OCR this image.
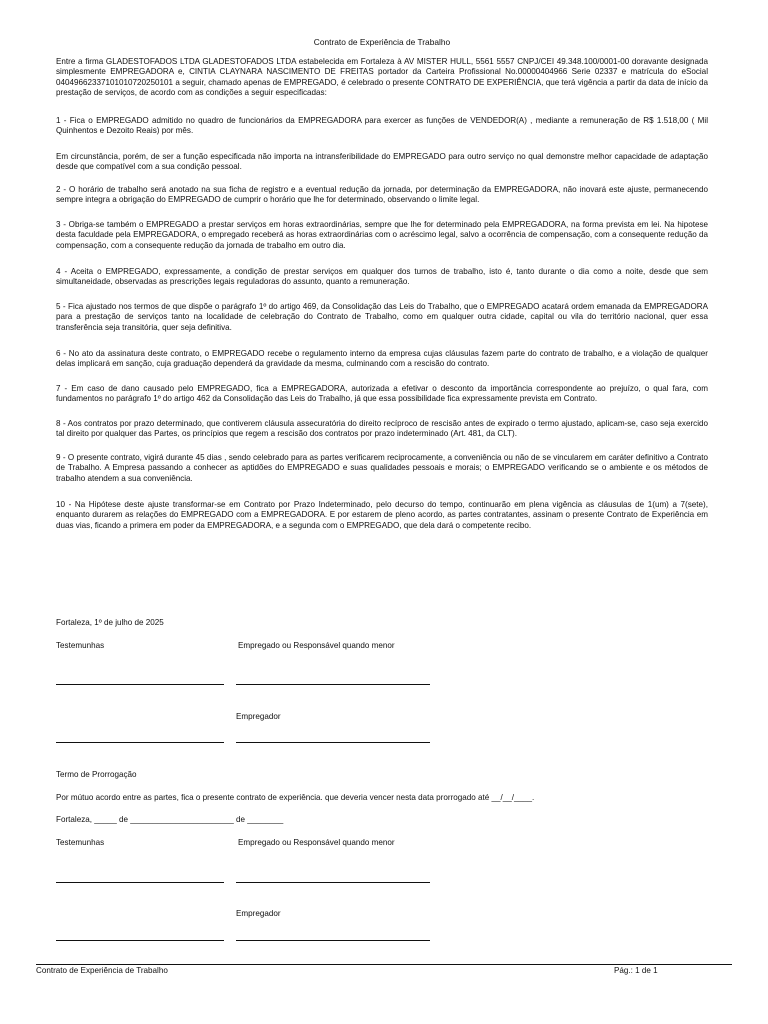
Contrato de Experiência de Trabalho

Entre a firma GLADESTOFADOS LTDA GLADESTOFADOS LTDA estabelecida em Fortaleza à AV MISTER HULL, 5561 5557 CNPJ/CEI 49.348.100/0001-00 doravante designada simplesmente EMPREGADORA e, CINTIA CLAYNARA NASCIMENTO DE FREITAS portador da Carteira Profissional No.00000404966 Serie 02337 e matrícula do eSocial 04049662337101010720250101 a seguir, chamado apenas de EMPREGADO, é celebrado o presente CONTRATO DE EXPERIÊNCIA, que terá vigência a partir da data de início da prestação de serviços, de acordo com as condições a seguir especificadas:

1 - Fica o EMPREGADO admitido no quadro de funcionários da EMPREGADORA para exercer as funções de VENDEDOR(A) , mediante a remuneração de R$ 1.518,00 ( Mil Quinhentos e Dezoito Reais) por mês.

Em circunstância, porém, de ser a função especificada não importa na intransferibilidade do EMPREGADO para outro serviço no qual demonstre melhor capacidade de adaptação desde que compatível com a sua condição pessoal.

2 - O horário de trabalho será anotado na sua ficha de registro e a eventual redução da jornada, por determinação da EMPREGADORA, não inovará este ajuste, permanecendo sempre integra a obrigação do EMPREGADO de cumprir o horário que lhe for determinado, observando o limite legal.

3 - Obriga-se também o EMPREGADO a prestar serviços em horas extraordinárias, sempre que lhe for determinado pela EMPREGADORA, na forma prevista em lei. Na hipotese desta faculdade pela EMPREGADORA, o empregado receberá as horas extraordinárias com o acréscimo legal, salvo a ocorrência de compensação, com a consequente redução da compensação, com a consequente redução da jornada de trabalho em outro dia.

4 - Aceita o EMPREGADO, expressamente, a condição de prestar serviços em qualquer dos turnos de trabalho, isto é, tanto durante o dia como a noite, desde que sem simultaneidade, observadas as prescrições legais reguladoras do assunto, quanto a remuneração.

5 - Fica ajustado nos termos de que dispõe o parágrafo 1º do artigo 469, da Consolidação das Leis do Trabalho, que o EMPREGADO acatará ordem emanada da EMPREGADORA para a prestação de serviços tanto na localidade de celebração do Contrato de Trabalho, como em qualquer outra cidade, capital ou vila do território nacional, quer essa transferência seja transitória, quer seja definitiva.

6 - No ato da assinatura deste contrato, o EMPREGADO recebe o regulamento interno da empresa cujas cláusulas fazem parte do contrato de trabalho, e a violação de qualquer delas implicará em sanção, cuja graduação dependerá da gravidade da mesma, culminando com a rescisão do contrato.

7 - Em caso de dano causado pelo EMPREGADO, fica a EMPREGADORA, autorizada a efetivar o desconto da importância correspondente ao prejuízo, o qual fara, com fundamentos no parágrafo 1º do artigo 462 da Consolidação das Leis do Trabalho, já que essa possibilidade fica expressamente prevista em Contrato.

8 - Aos contratos por prazo determinado, que contiverem cláusula assecuratória do direito recíproco de rescisão antes de expirado o termo ajustado, aplicam-se, caso seja exercido tal direito por qualquer das Partes, os princípios que regem a rescisão dos contratos por prazo indeterminado (Art. 481, da CLT).

9 - O presente contrato, vigirá durante 45 dias , sendo celebrado para as partes verificarem reciprocamente, a conveniência ou não de se vincularem em caráter definitivo a Contrato de Trabalho. A Empresa passando a conhecer as aptidões do EMPREGADO e suas qualidades pessoais e morais; o EMPREGADO verificando se o ambiente e os métodos de trabalho atendem a sua conveniência.

10 - Na Hipótese deste ajuste transformar-se em Contrato por Prazo Indeterminado, pelo decurso do tempo, continuarão em plena vigência as cláusulas de 1(um) a 7(sete), enquanto durarem as relações do EMPREGADO com a EMPREGADORA. E por estarem de pleno acordo, as partes contratantes, assinam o presente Contrato de Experiência em duas vias, ficando a primera em poder da EMPREGADORA, e a segunda com o EMPREGADO, que dela dará o competente recibo.

Fortaleza, 1º de julho de 2025
Testemunhas	Empregado ou Responsável quando menor
Empregador
Termo de Prorrogação
Por mútuo acordo entre as partes, fica o presente contrato de experiência. que deveria vencer nesta data prorrogado até __/__/____.
Fortaleza, _____ de _______________________ de ________
Testemunhas	Empregado ou Responsável quando menor
Empregador
Contrato de Experiência de Trabalho	Pág.: 1 de 1
